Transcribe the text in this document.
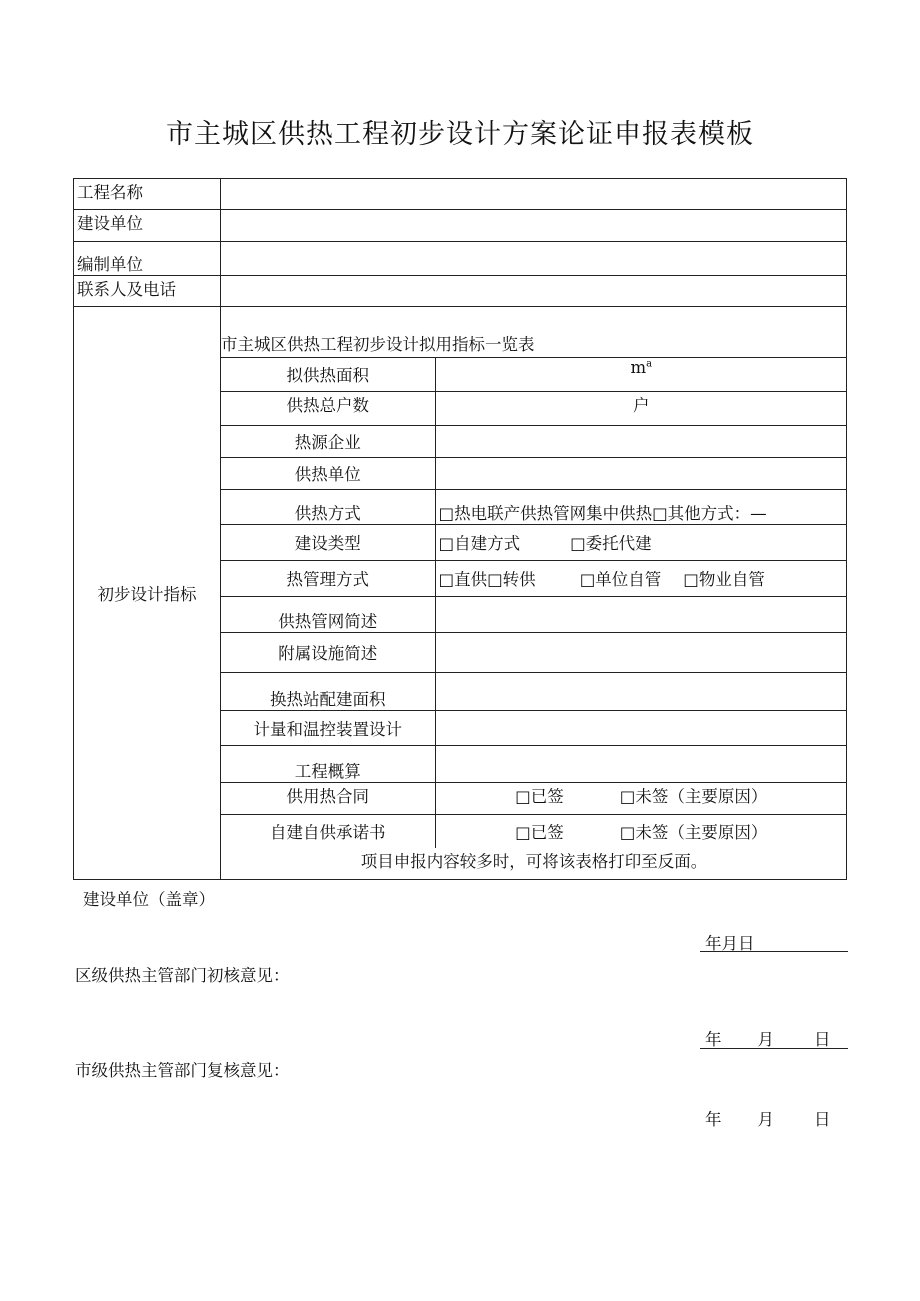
市主城区供热工程初步设计方案论证申报表模板
工程名称	
建设单位	
编制单位	
联系人及电话	
初步设计指标	
市主城区供热工程初步设计拟用指标一览表
拟供热面积	$m^a$
供热总户数	户
热源企业	
供热单位	
供热方式	□热电联产供热管网集中供热□其他方式：—
建设类型	□自建方式	□委托代建
热管理方式	□直供□转供	□单位自管 □物业自管
供热管网简述	
附属设施简述	
换热站配建面积	
计量和温控装置设计	
工程概算	
供用热合同	□已签	□未签（主要原因）
自建自供承诺书	□已签	□未签（主要原因）
项目申报内容较多时，可将该表格打印至反面。
建设单位（盖章）
年月日
区级供热主管部门初核意见：
年 月 日
市级供热主管部门复核意见：
年 月 日
